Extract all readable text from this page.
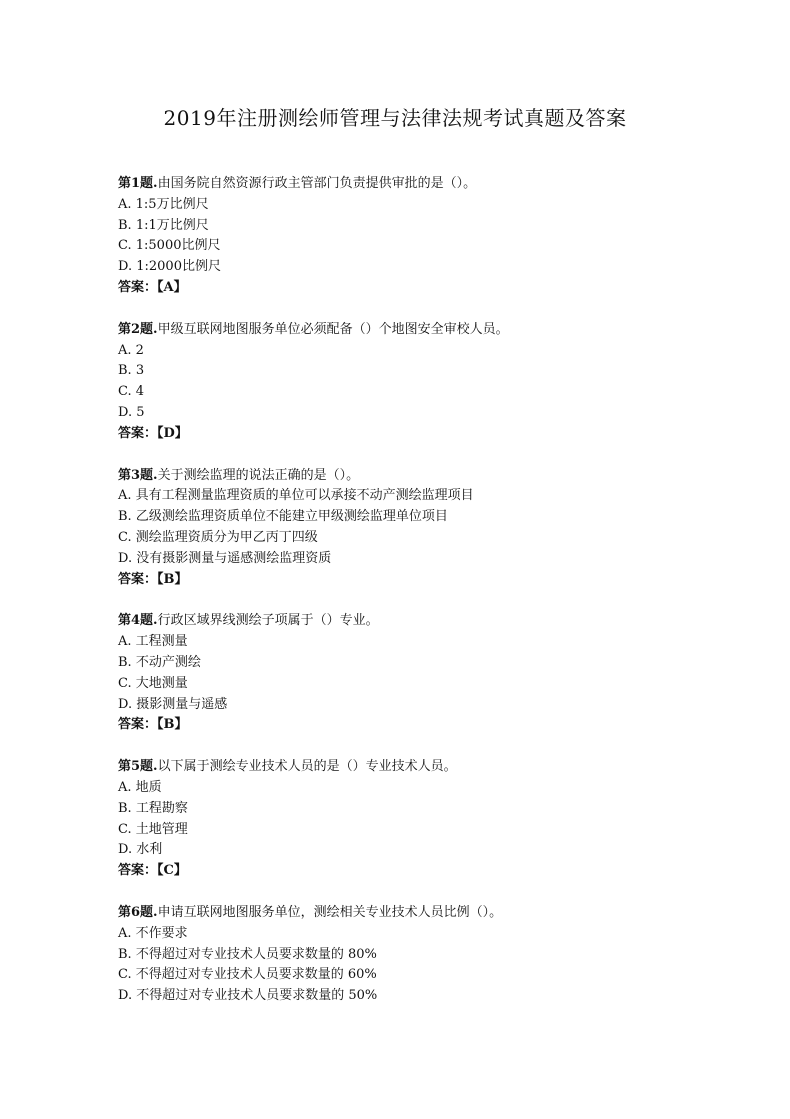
2019年注册测绘师管理与法律法规考试真题及答案
第1题.由国务院自然资源行政主管部门负责提供审批的是（）。
A. 1:5万比例尺
B. 1:1万比例尺
C. 1:5000比例尺
D. 1:2000比例尺
答案：【A】
第2题.甲级互联网地图服务单位必须配备（）个地图安全审校人员。
A. 2
B. 3
C. 4
D. 5
答案：【D】
第3题.关于测绘监理的说法正确的是（）。
A. 具有工程测量监理资质的单位可以承接不动产测绘监理项目
B. 乙级测绘监理资质单位不能建立甲级测绘监理单位项目
C. 测绘监理资质分为甲乙丙丁四级
D. 没有摄影测量与遥感测绘监理资质
答案：【B】
第4题.行政区域界线测绘子项属于（）专业。
A. 工程测量
B. 不动产测绘
C. 大地测量
D. 摄影测量与遥感
答案：【B】
第5题.以下属于测绘专业技术人员的是（）专业技术人员。
A. 地质
B. 工程勘察
C. 土地管理
D. 水利
答案：【C】
第6题.申请互联网地图服务单位，测绘相关专业技术人员比例（）。
A. 不作要求
B. 不得超过对专业技术人员要求数量的 80%
C. 不得超过对专业技术人员要求数量的 60%
D. 不得超过对专业技术人员要求数量的 50%
